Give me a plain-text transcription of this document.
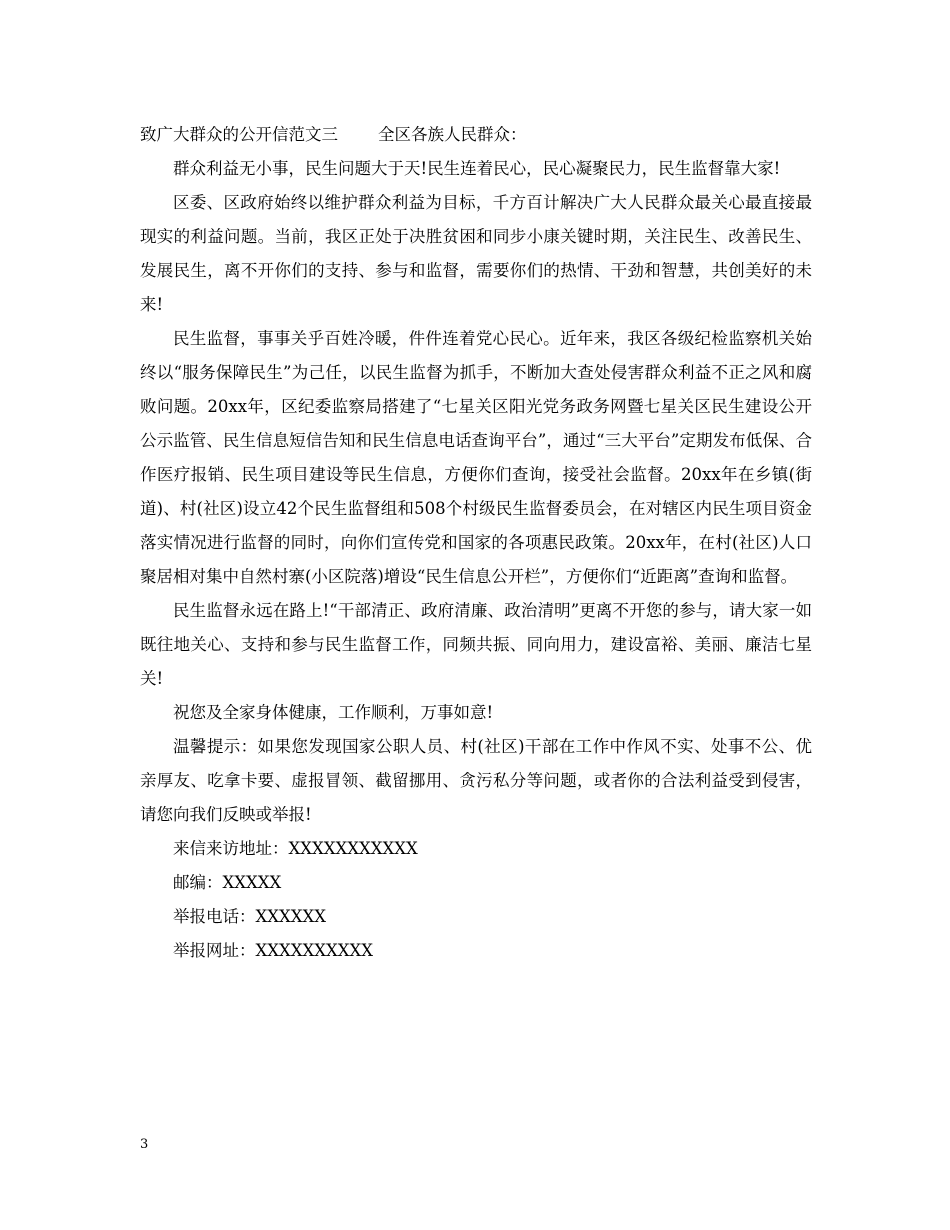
致广大群众的公开信范文三 全区各族人民群众：

群众利益无小事，民生问题大于天!民生连着民心，民心凝聚民力，民生监督靠大家!

区委、区政府始终以维护群众利益为目标，千方百计解决广大人民群众最关心最直接最现实的利益问题。当前，我区正处于决胜贫困和同步小康关键时期，关注民生、改善民生、发展民生，离不开你们的支持、参与和监督，需要你们的热情、干劲和智慧，共创美好的未来!

民生监督，事事关乎百姓冷暖，件件连着党心民心。近年来，我区各级纪检监察机关始终以“服务保障民生”为己任，以民生监督为抓手，不断加大查处侵害群众利益不正之风和腐败问题。20xx年，区纪委监察局搭建了“七星关区阳光党务政务网暨七星关区民生建设公开公示监管、民生信息短信告知和民生信息电话查询平台”，通过“三大平台”定期发布低保、合作医疗报销、民生项目建设等民生信息，方便你们查询，接受社会监督。20xx年在乡镇(街道)、村(社区)设立42个民生监督组和508个村级民生监督委员会，在对辖区内民生项目资金落实情况进行监督的同时，向你们宣传党和国家的各项惠民政策。20xx年，在村(社区)人口聚居相对集中自然村寨(小区院落)增设“民生信息公开栏”，方便你们“近距离”查询和监督。

民生监督永远在路上!“干部清正、政府清廉、政治清明”更离不开您的参与，请大家一如既往地关心、支持和参与民生监督工作，同频共振、同向用力，建设富裕、美丽、廉洁七星关!

祝您及全家身体健康，工作顺利，万事如意!

温馨提示：如果您发现国家公职人员、村(社区)干部在工作中作风不实、处事不公、优亲厚友、吃拿卡要、虚报冒领、截留挪用、贪污私分等问题，或者你的合法利益受到侵害，请您向我们反映或举报!

来信来访地址：XXXXXXXXXXX

邮编：XXXXX

举报电话：XXXXXX

举报网址：XXXXXXXXXX

3
